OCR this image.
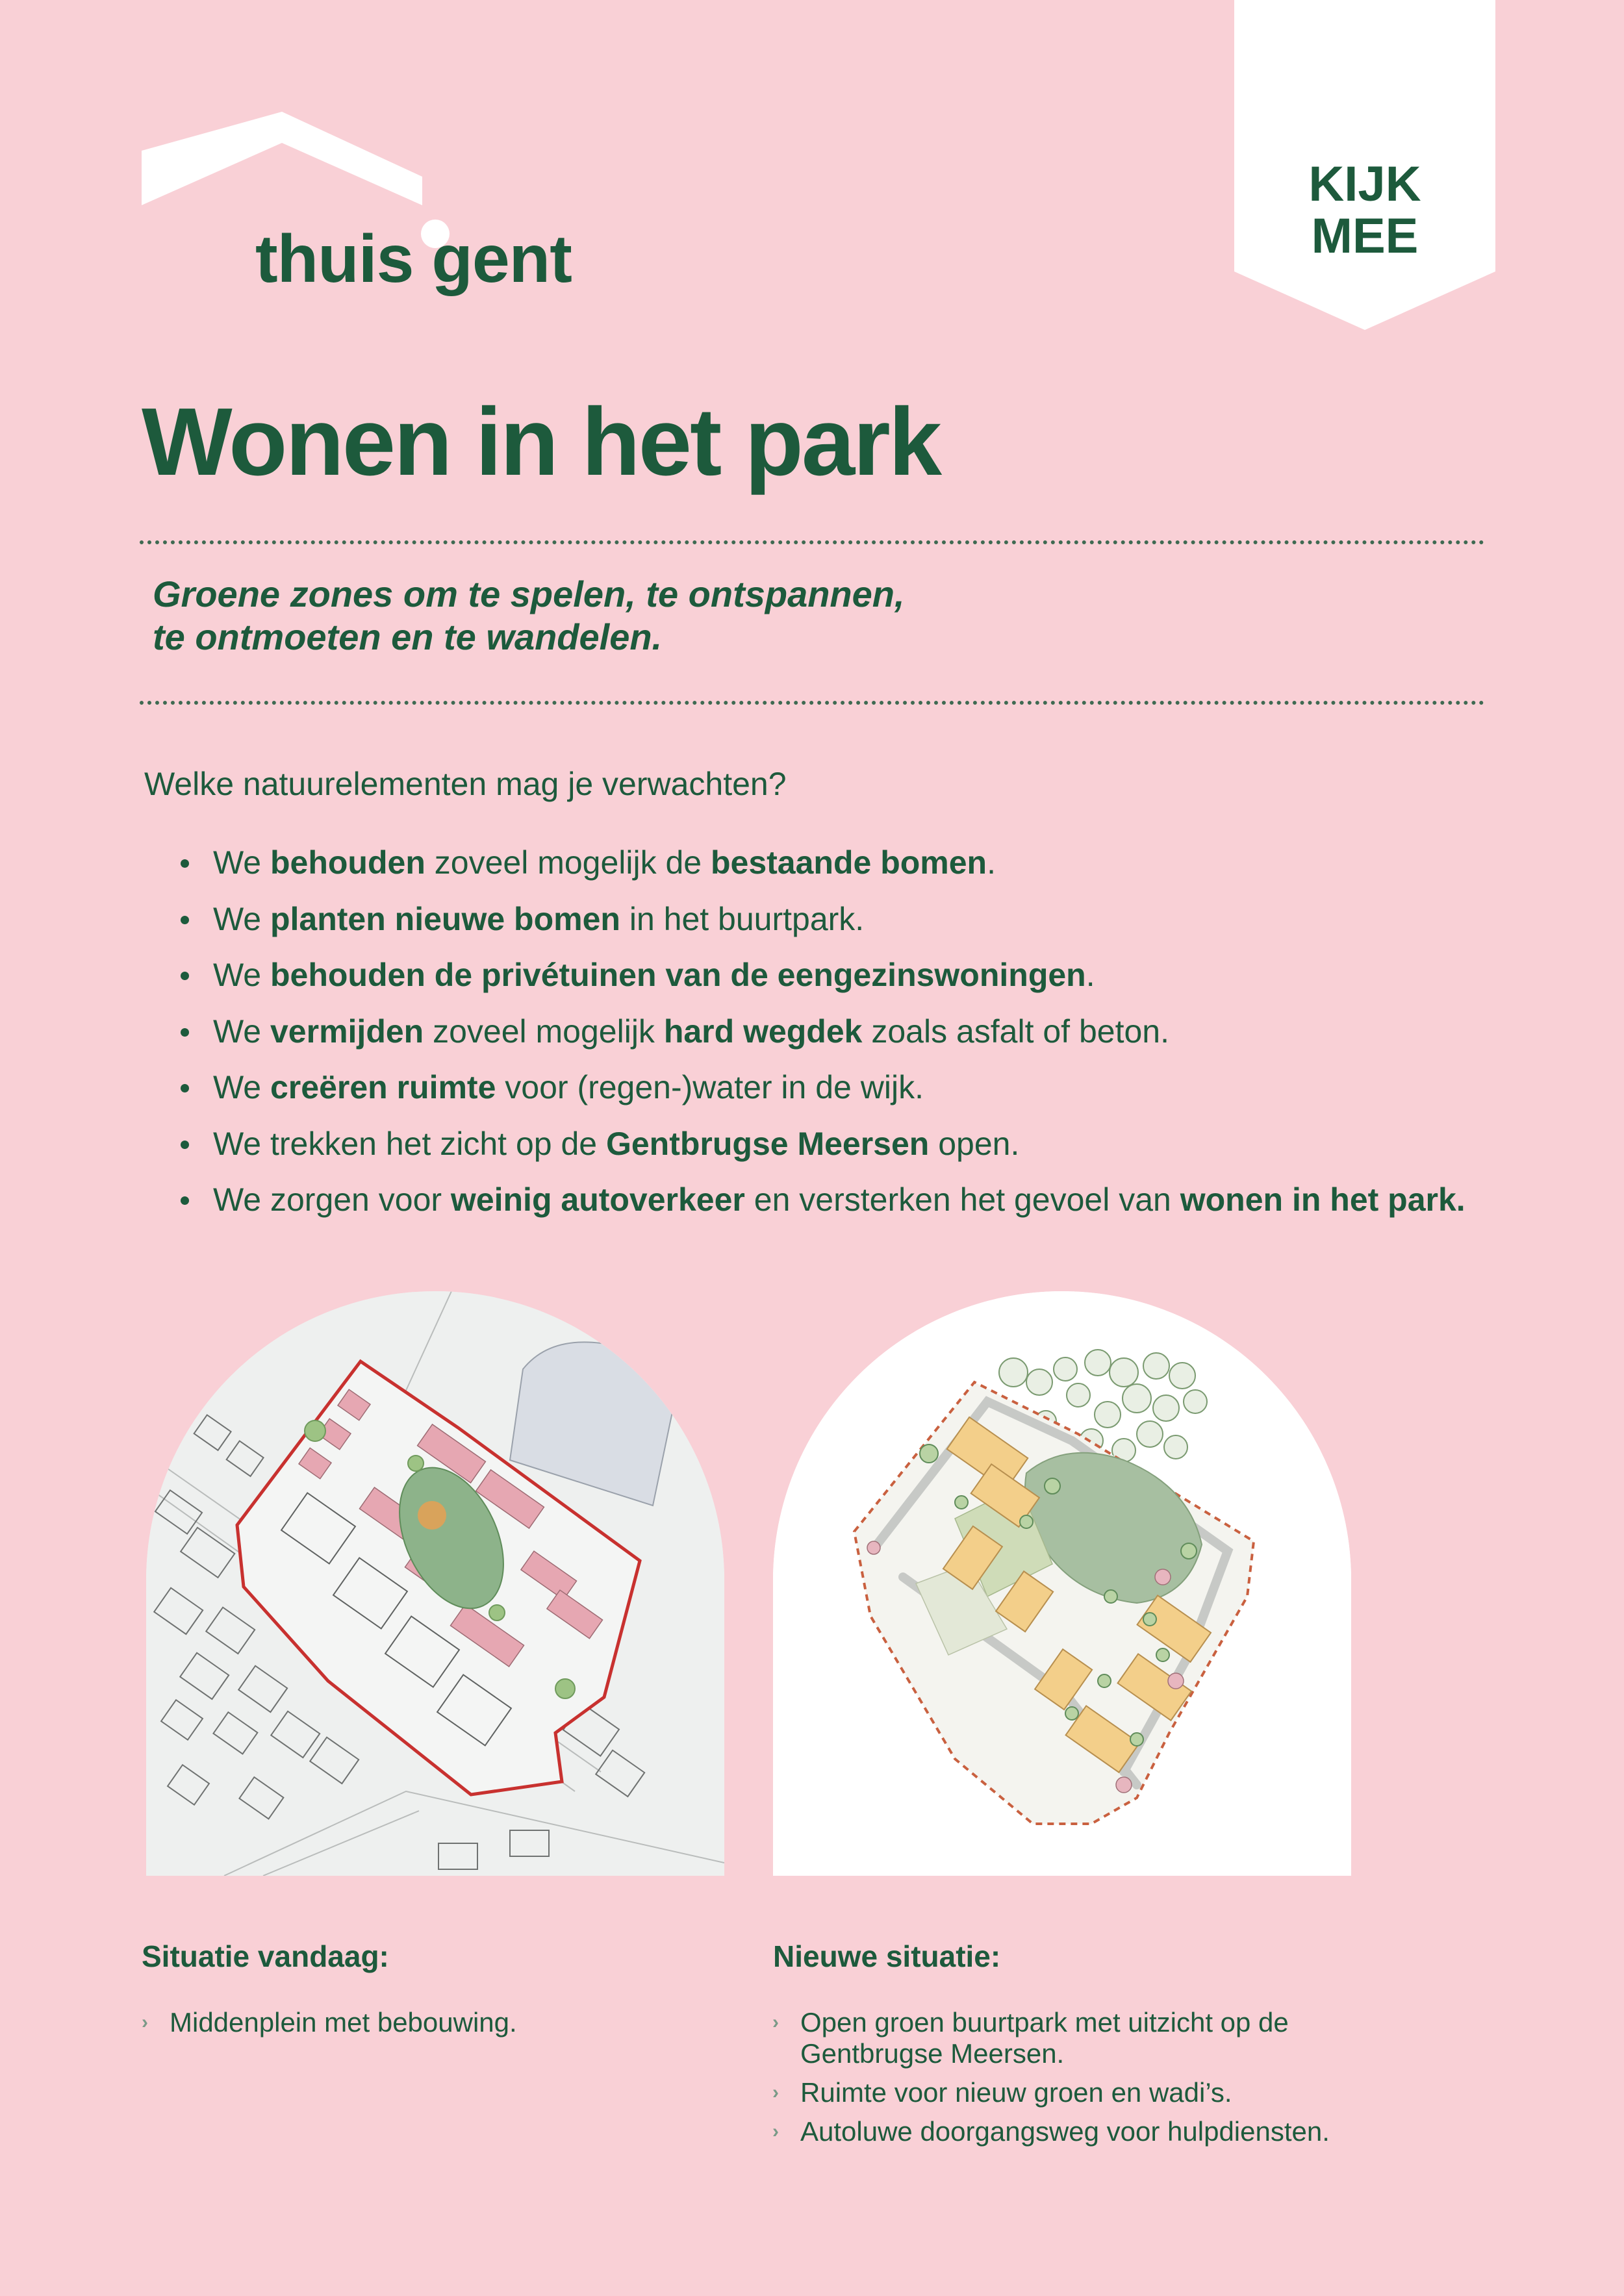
thuis gent
KIJK
MEE
Wonen in het park
Groene zones om te spelen, te ontspannen,
te ontmoeten en te wandelen.
Welke natuurelementen mag je verwachten?
We behouden zoveel mogelijk de bestaande bomen.
We planten nieuwe bomen in het buurtpark.
We behouden de privétuinen van de eengezinswoningen.
We vermijden zoveel mogelijk hard wegdek zoals asfalt of beton.
We creëren ruimte voor (regen-)water in de wijk.
We trekken het zicht op de Gentbrugse Meersen open.
We zorgen voor weinig autoverkeer en versterken het gevoel van wonen in het park.
Situatie vandaag:
› Middenplein met bebouwing.
Nieuwe situatie:
› Open groen buurtpark met uitzicht op de Gentbrugse Meersen.
› Ruimte voor nieuw groen en wadi’s.
› Autoluwe doorgangsweg voor hulpdiensten.
